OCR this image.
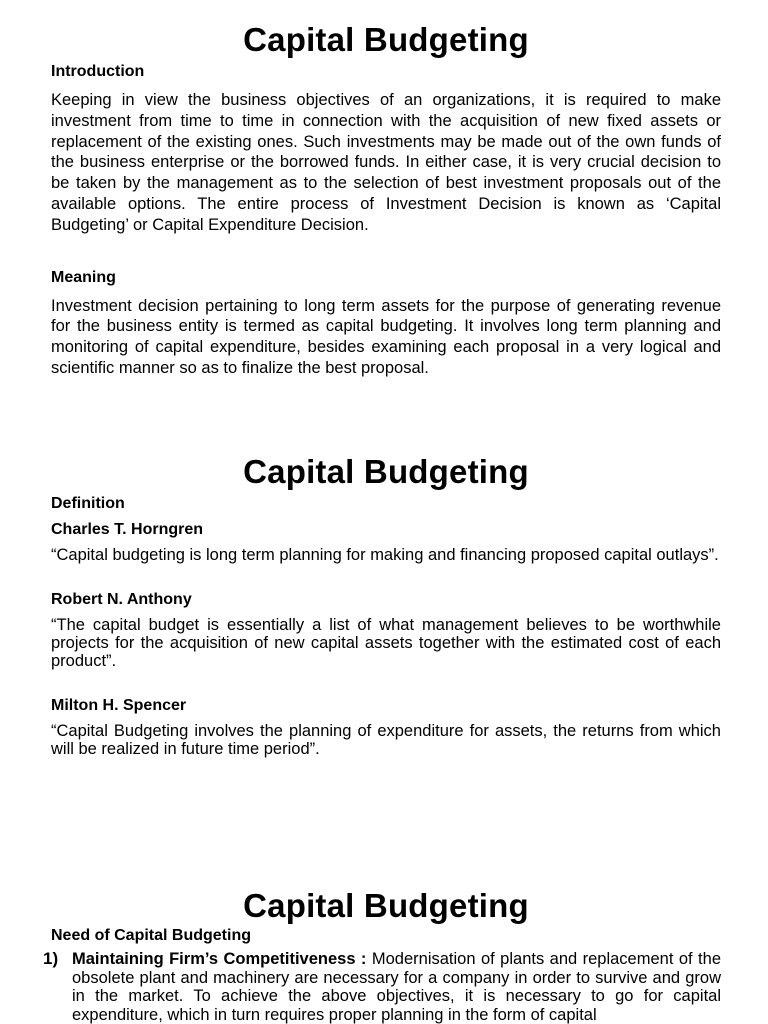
Capital Budgeting
Introduction

Keeping in view the business objectives of an organizations, it is required to make investment from time to time in connection with the acquisition of new fixed assets or replacement of the existing ones. Such investments may be made out of the own funds of the business enterprise or the borrowed funds. In either case, it is very crucial decision to be taken by the management as to the selection of best investment proposals out of the available options. The entire process of Investment Decision is known as ‘Capital Budgeting’ or Capital Expenditure Decision.

Meaning

Investment decision pertaining to long term assets for the purpose of generating revenue for the business entity is termed as capital budgeting. It involves long term planning and monitoring of capital expenditure, besides examining each proposal in a very logical and scientific manner so as to finalize the best proposal.

Capital Budgeting
Definition
Charles T. Horngren

“Capital budgeting is long term planning for making and financing proposed capital outlays”.

Robert N. Anthony

“The capital budget is essentially a list of what management believes to be worthwhile projects for the acquisition of new capital assets together with the estimated cost of each product”.

Milton H. Spencer

“Capital Budgeting involves the planning of expenditure for assets, the returns from which will be realized in future time period”.

Capital Budgeting
Need of Capital Budgeting
1) Maintaining Firm’s Competitiveness : Modernisation of plants and replacement of the obsolete plant and machinery are necessary for a company in order to survive and grow in the market. To achieve the above objectives, it is necessary to go for capital expenditure, which in turn requires proper planning in the form of capital
